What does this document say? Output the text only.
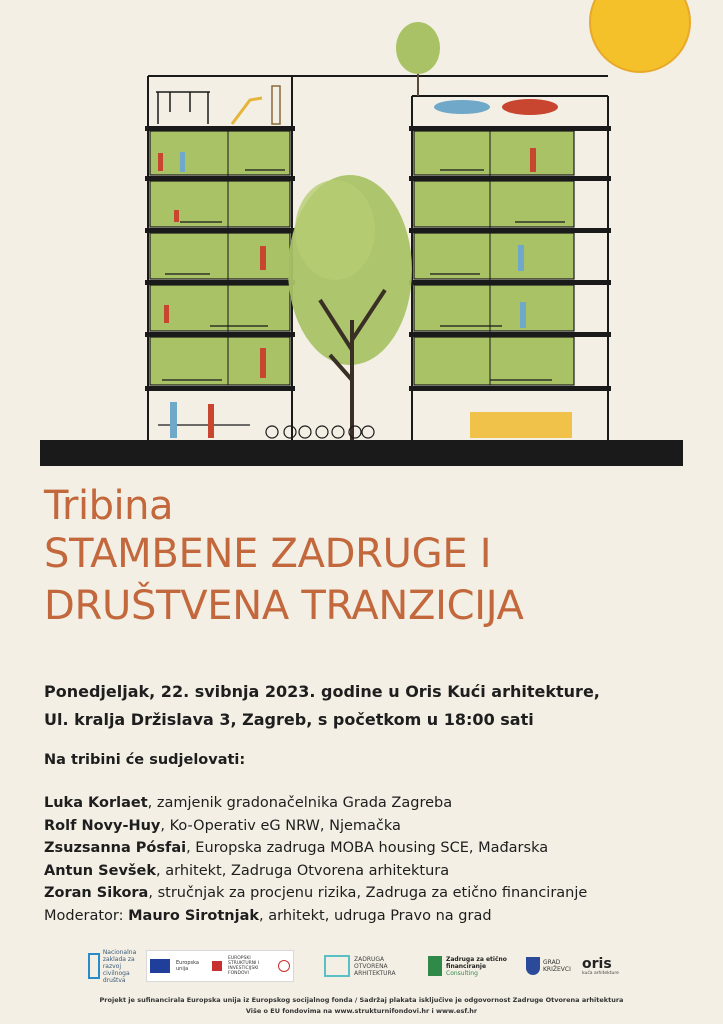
Tribina
STAMBENE ZADRUGE I
DRUŠTVENA TRANZICIJA
Ponedjeljak, 22. svibnja 2023. godine u Oris Kući arhitekture,
Ul. kralja Držislava 3, Zagreb, s početkom u 18:00 sati
Na tribini će sudjelovati:
Luka Korlaet, zamjenik gradonačelnika Grada Zagreba
Rolf Novy-Huy, Ko-Operativ eG NRW, Njemačka
Zsuzsanna Pósfai, Europska zadruga MOBA housing SCE, Mađarska
Antun Sevšek, arhitekt, Zadruga Otvorena arhitektura
Zoran Sikora, stručnjak za procjenu rizika, Zadruga za etično financiranje
Moderator: Mauro Sirotnjak, arhitekt, udruga Pravo na grad
Nacionalna zaklada za razvoj civilnoga društva
Europska unija
EUROPSKI STRUKTURNI I INVESTICIJSKI FONDOVI
ZADRUGA OTVORENA ARHITEKTURA
Zadruga za etično financiranje
Consulting
GRAD KRIŽEVCI oris
kuća arhitekture
Projekt je sufinancirala Europska unija iz Europskog socijalnog fonda / Sadržaj plakata isključive je odgovornost Zadruge Otvorena arhitektura
Više o EU fondovima na www.strukturnifondovi.hr i www.esf.hr
